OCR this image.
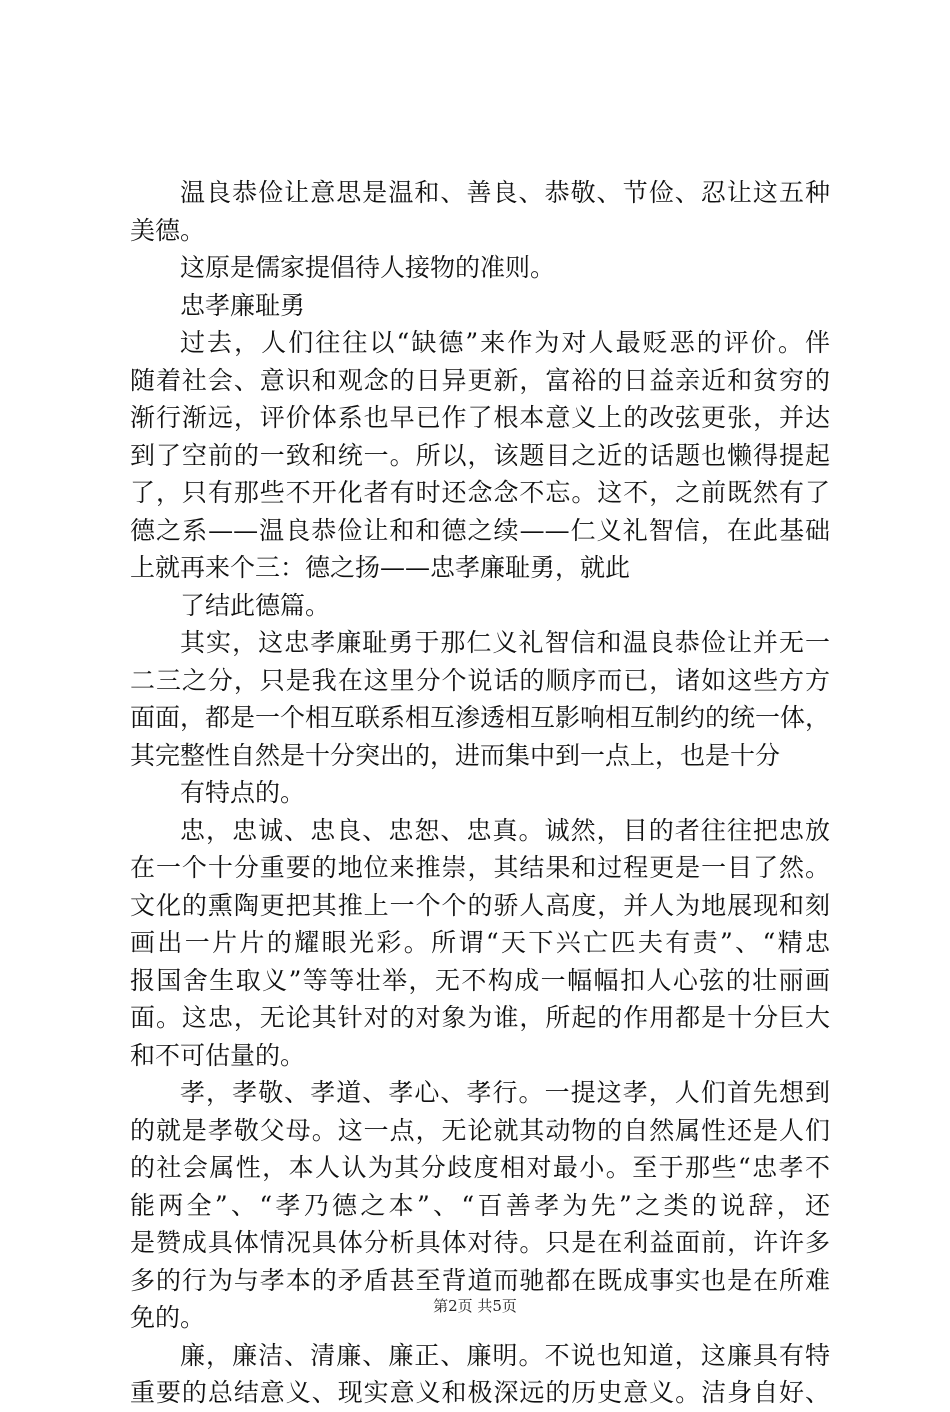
温良恭俭让意思是温和、善良、恭敬、节俭、忍让这五种
美德。
这原是儒家提倡待人接物的准则。
忠孝廉耻勇
过去，人们往往以“缺德”来作为对人最贬恶的评价。伴
随着社会、意识和观念的日异更新，富裕的日益亲近和贫穷的
渐行渐远，评价体系也早已作了根本意义上的改弦更张，并达
到了空前的一致和统一。所以，该题目之近的话题也懒得提起
了，只有那些不开化者有时还念念不忘。这不，之前既然有了
德之系——温良恭俭让和和德之续——仁义礼智信，在此基础
上就再来个三：德之扬——忠孝廉耻勇，就此
了结此德篇。
其实，这忠孝廉耻勇于那仁义礼智信和温良恭俭让并无一
二三之分，只是我在这里分个说话的顺序而已，诸如这些方方
面面，都是一个相互联系相互渗透相互影响相互制约的统一体，
其完整性自然是十分突出的，进而集中到一点上，也是十分
有特点的。
忠，忠诚、忠良、忠恕、忠真。诚然，目的者往往把忠放
在一个十分重要的地位来推崇，其结果和过程更是一目了然。
文化的熏陶更把其推上一个个的骄人高度，并人为地展现和刻
画出一片片的耀眼光彩。所谓“天下兴亡匹夫有责”、“精忠
报国舍生取义”等等壮举，无不构成一幅幅扣人心弦的壮丽画
面。这忠，无论其针对的对象为谁，所起的作用都是十分巨大
和不可估量的。
孝，孝敬、孝道、孝心、孝行。一提这孝，人们首先想到
的就是孝敬父母。这一点，无论就其动物的自然属性还是人们
的社会属性，本人认为其分歧度相对最小。至于那些“忠孝不
能两全”、“孝乃德之本”、“百善孝为先”之类的说辞，还
是赞成具体情况具体分析具体对待。只是在利益面前，许许多
多的行为与孝本的矛盾甚至背道而驰都在既成事实也是在所难
免的。
廉，廉洁、清廉、廉正、廉明。不说也知道，这廉具有特
重要的总结意义、现实意义和极深远的历史意义。洁身自好、
第2页 共5页
